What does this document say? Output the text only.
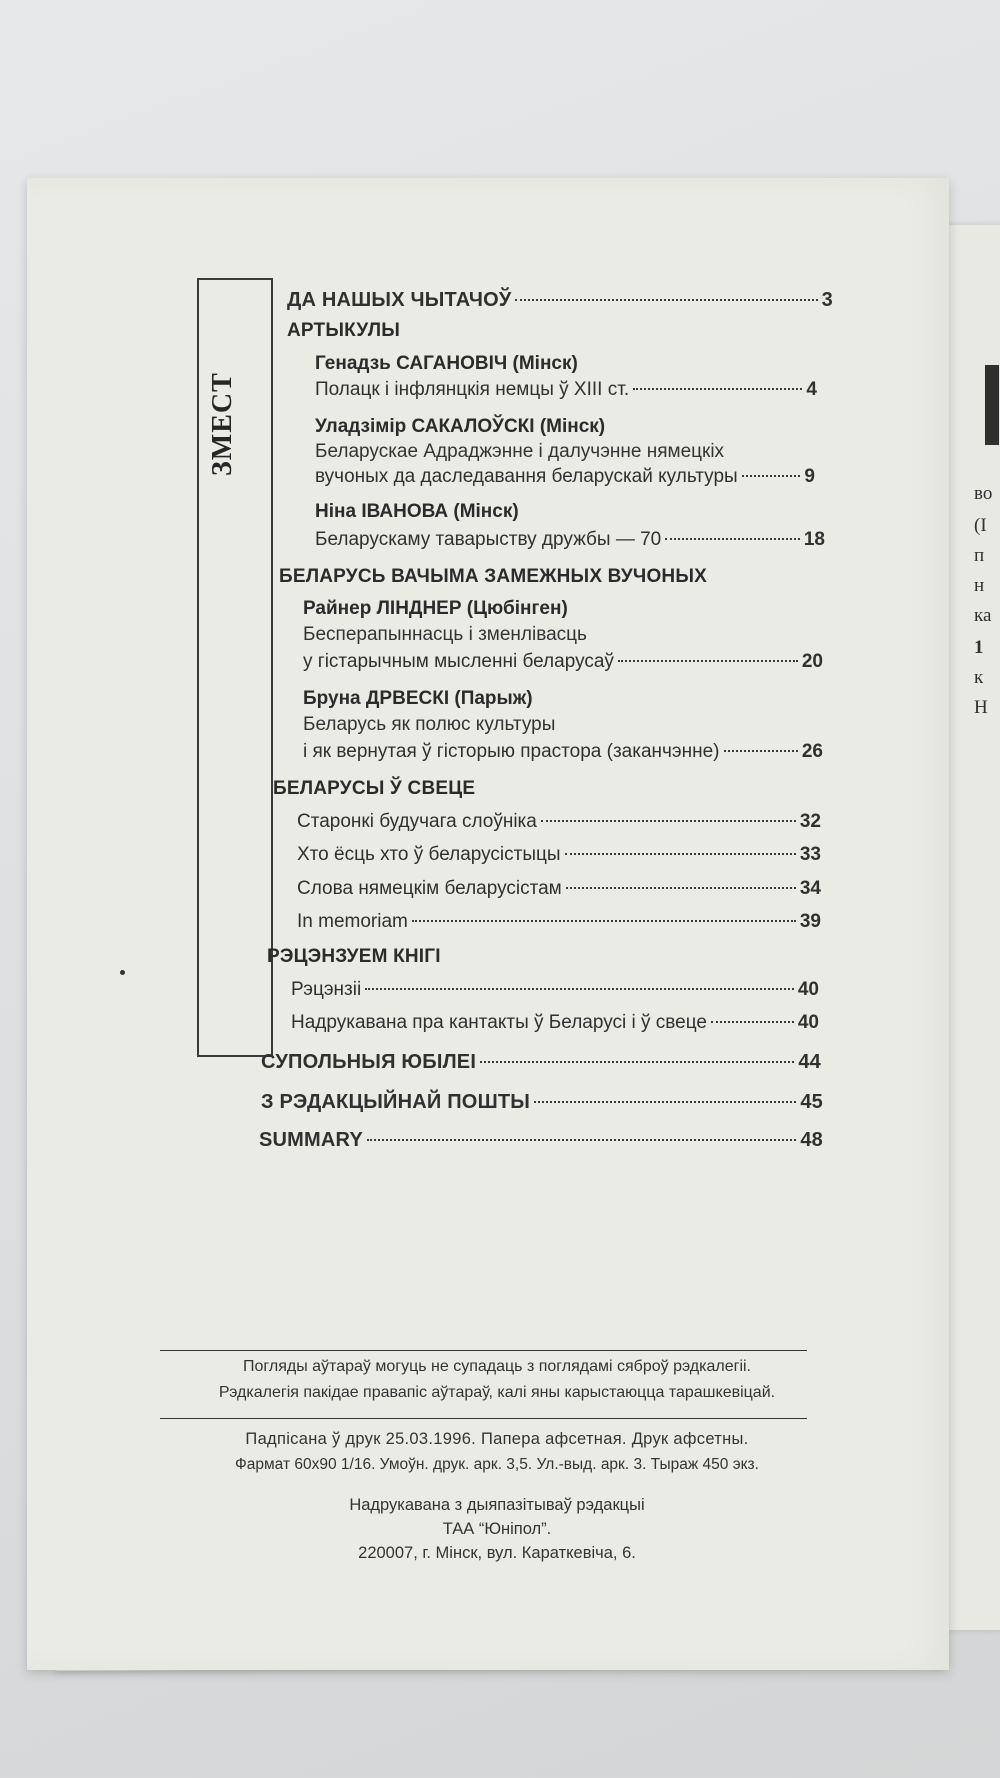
во
(І
п
н
ка
1
к
Н
ЗМЕСТ
ДА НАШЫХ ЧЫТАЧОЎ	3
АРТЫКУЛЫ
Генадзь САГАНОВІЧ (Мінск)
Полацк і інфлянцкія немцы ў XIII ст.	4
Уладзімір САКАЛОЎСКІ (Мінск)
Беларускае Адраджэнне і далучэнне нямецкіх
вучоных да даследавання беларускай культуры	9
Ніна ІВАНОВА (Мінск)
Беларускаму таварыству дружбы — 70	18
БЕЛАРУСЬ ВАЧЫМА ЗАМЕЖНЫХ ВУЧОНЫХ
Райнер ЛІНДНЕР (Цюбінген)
Бесперапыннасць і зменлівасць
у гістарычным мысленні беларусаў	20
Бруна ДРВЕСКІ (Парыж)
Беларусь як полюс культуры
і як вернутая ў гісторыю прастора (заканчэнне)	26
БЕЛАРУСЫ Ў СВЕЦЕ
Старонкі будучага слоўніка	32
Хто ёсць хто ў беларусістыцы	33
Слова нямецкім беларусістам	34
In memoriam	39
РЭЦЭНЗУЕМ КНІГІ
Рэцэнзіі	40
Надрукавана пра кантакты ў Беларусі і ў свеце	40
СУПОЛЬНЫЯ ЮБІЛЕІ	44
З РЭДАКЦЫЙНАЙ ПОШТЫ	45
SUMMARY	48
Погляды аўтараў могуць не супадаць з поглядамі сяброў рэдкалегіі.
Рэдкалегія пакідае правапіс аўтараў, калі яны карыстаюцца тарашкевіцай.
Падпісана ў друк 25.03.1996. Папера афсетная. Друк афсетны.
Фармат 60x90 1/16. Умоўн. друк. арк. 3,5. Ул.-выд. арк. 3. Тыраж 450 экз.
Надрукавана з дыяпазітываў рэдакцыі
ТАА “Юніпол”.
220007, г. Мінск, вул. Караткевіча, 6.
